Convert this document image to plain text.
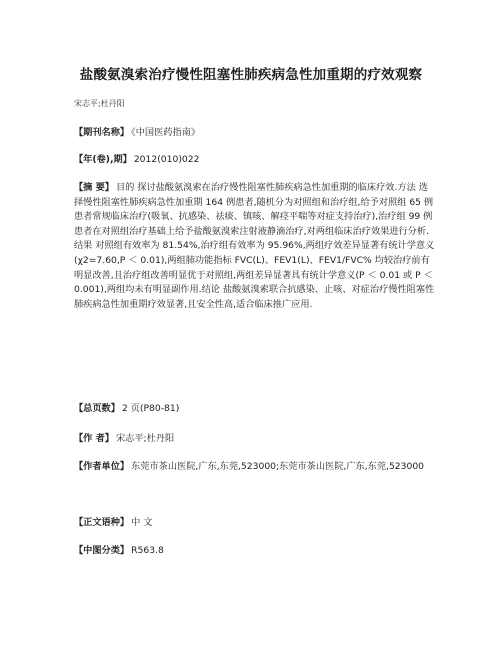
盐酸氨溴索治疗慢性阻塞性肺疾病急性加重期的疗效观察
宋志平;杜丹阳
【期刊名称】 《中国医药指南》
【年(卷),期】 2012(010)022
【摘 要】 目的 探讨盐酸氨溴索在治疗慢性阻塞性肺疾病急性加重期的临床疗效.方法 选择慢性阻塞性肺疾病急性加重期 164 例患者,随机分为对照组和治疗组,给予对照组 65 例患者常规临床治疗(吸氧、抗感染、祛痰、镇咳、解痉平喘等对症支持治疗),治疗组 99 例患者在对照组治疗基础上给予盐酸氨溴索注射液静滴治疗,对两组临床治疗效果进行分析.结果 对照组有效率为 81.54%,治疗组有效率为 95.96%,两组疗效差异显著有统计学意义(χ2=7.60,P ＜ 0.01),两组肺功能指标 FVC(L)、FEV1(L)、FEV1/FVC% 均较治疗前有明显改善,且治疗组改善明显优于对照组,两组差异显著具有统计学意义(P ＜ 0.01 或 P ＜ 0.001),两组均未有明显副作用.结论 盐酸氨溴索联合抗感染、止咳、对症治疗慢性阻塞性肺疾病急性加重期疗效显著,且安全性高,适合临床推广应用.
【总页数】 2 页(P80-81)
【作 者】 宋志平;杜丹阳
【作者单位】 东莞市茶山医院,广东,东莞,523000;东莞市茶山医院,广东,东莞,523000
【正文语种】 中 文
【中图分类】 R563.8
